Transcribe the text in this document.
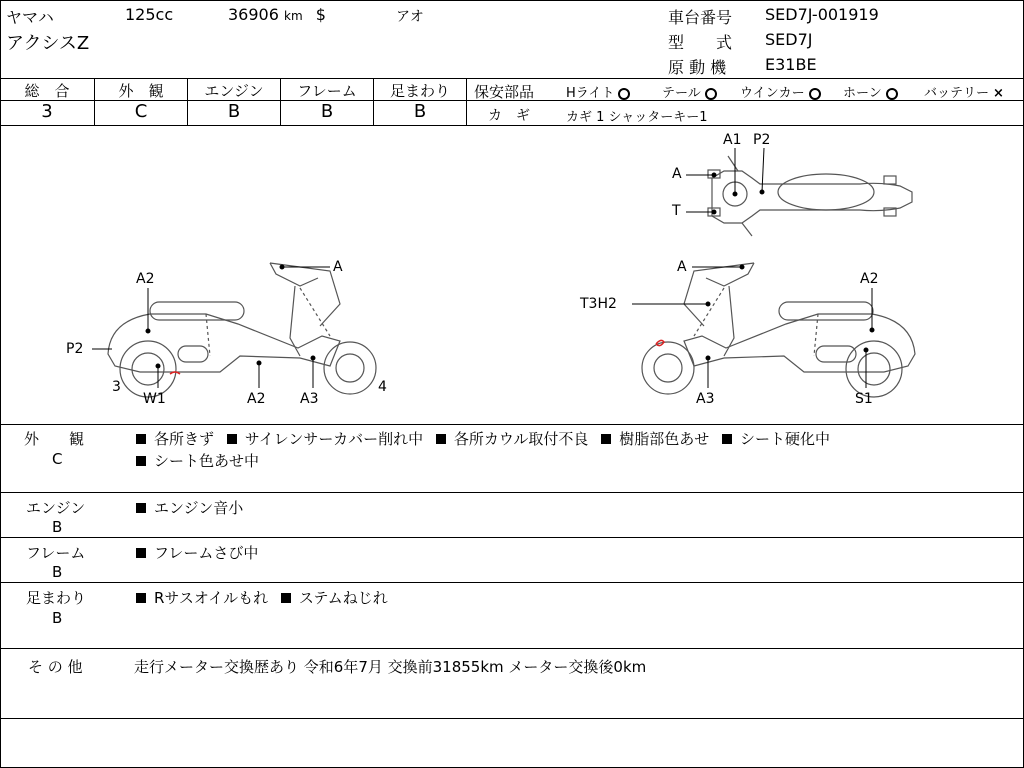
ヤマハ	125cc	36906 km $	アオ
アクシスZ
車台番号 SED7J-001919
型　　式 SED7J
原 動 機 E31BE
総　合	外　観	エンジン	フレーム	足まわり
3	C	B	B	B
保安部品 Hライト	テール	ウインカー	ホーン	バッテリー ×
カ　ギ	カギ 1 シャッターキー1
A1 P2
A
T
A2
A
P2
3
W1	A2 A3
4
A
T3H2
A2
A3	S1
外　　観
C
各所きず サイレンサーカバー削れ中 各所カウル取付不良 樹脂部色あせ シート硬化中
シート色あせ中
エンジン
B
エンジン音小
フレーム
B
フレームさび中
足まわり
B
Rサスオイルもれ ステムねじれ
そ の 他	走行メーター交換歴あり 令和6年7月 交換前31855km メーター交換後0km
